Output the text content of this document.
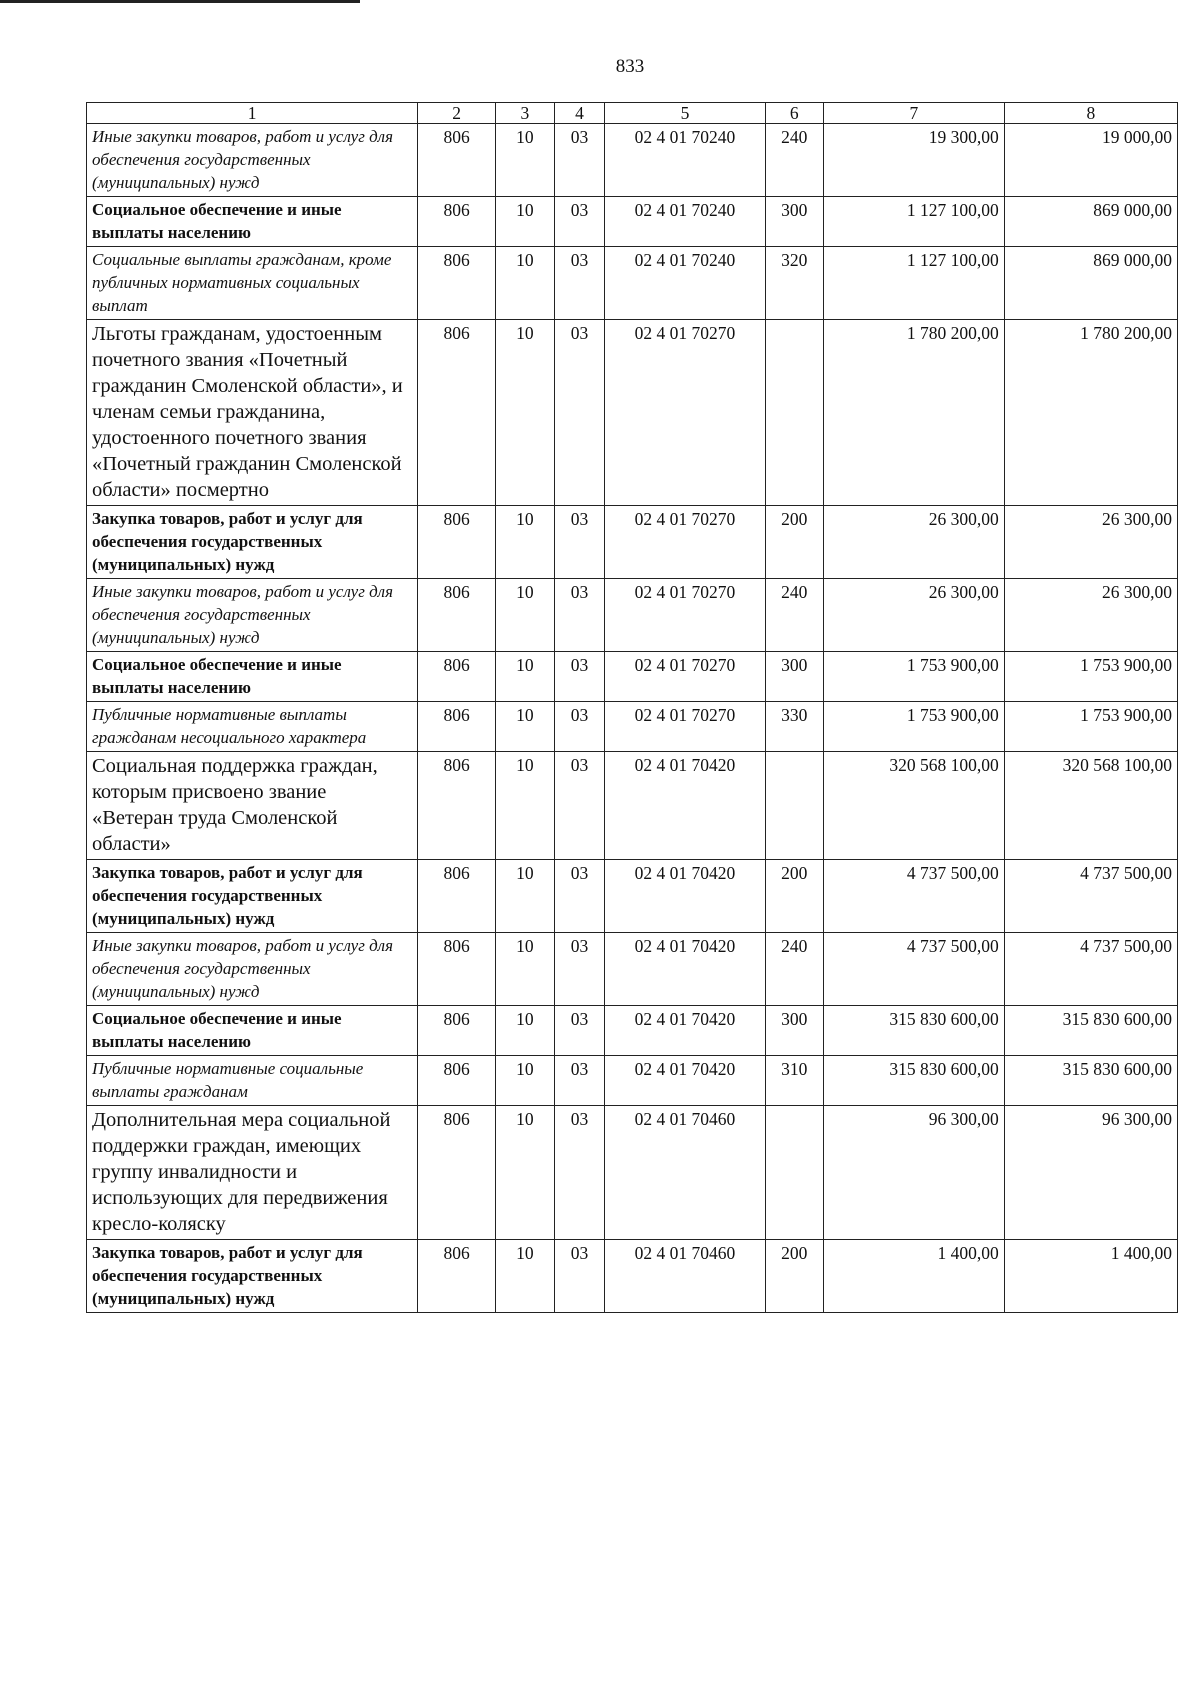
833
1	2	3	4	5	6	7	8
Иные закупки товаров, работ и услуг для обеспечения государственных (муниципальных) нужд	806	10	03	02 4 01 70240	240	19 300,00	19 000,00
Социальное обеспечение и иные выплаты населению	806	10	03	02 4 01 70240	300	1 127 100,00	869 000,00
Социальные выплаты гражданам, кроме публичных нормативных социальных выплат	806	10	03	02 4 01 70240	320	1 127 100,00	869 000,00
Льготы гражданам, удостоенным почетного звания «Почетный гражданин Смоленской области», и членам семьи гражданина, удостоенного почетного звания «Почетный гражданин Смоленской области» посмертно	806	10	03	02 4 01 70270		1 780 200,00	1 780 200,00
Закупка товаров, работ и услуг для обеспечения государственных (муниципальных) нужд	806	10	03	02 4 01 70270	200	26 300,00	26 300,00
Иные закупки товаров, работ и услуг для обеспечения государственных (муниципальных) нужд	806	10	03	02 4 01 70270	240	26 300,00	26 300,00
Социальное обеспечение и иные выплаты населению	806	10	03	02 4 01 70270	300	1 753 900,00	1 753 900,00
Публичные нормативные выплаты гражданам несоциального характера	806	10	03	02 4 01 70270	330	1 753 900,00	1 753 900,00
Социальная поддержка граждан, которым присвоено звание «Ветеран труда Смоленской области»	806	10	03	02 4 01 70420		320 568 100,00	320 568 100,00
Закупка товаров, работ и услуг для обеспечения государственных (муниципальных) нужд	806	10	03	02 4 01 70420	200	4 737 500,00	4 737 500,00
Иные закупки товаров, работ и услуг для обеспечения государственных (муниципальных) нужд	806	10	03	02 4 01 70420	240	4 737 500,00	4 737 500,00
Социальное обеспечение и иные выплаты населению	806	10	03	02 4 01 70420	300	315 830 600,00	315 830 600,00
Публичные нормативные социальные выплаты гражданам	806	10	03	02 4 01 70420	310	315 830 600,00	315 830 600,00
Дополнительная мера социальной поддержки граждан, имеющих группу инвалидности и использующих для передвижения кресло-коляску	806	10	03	02 4 01 70460		96 300,00	96 300,00
Закупка товаров, работ и услуг для обеспечения государственных (муниципальных) нужд	806	10	03	02 4 01 70460	200	1 400,00	1 400,00
